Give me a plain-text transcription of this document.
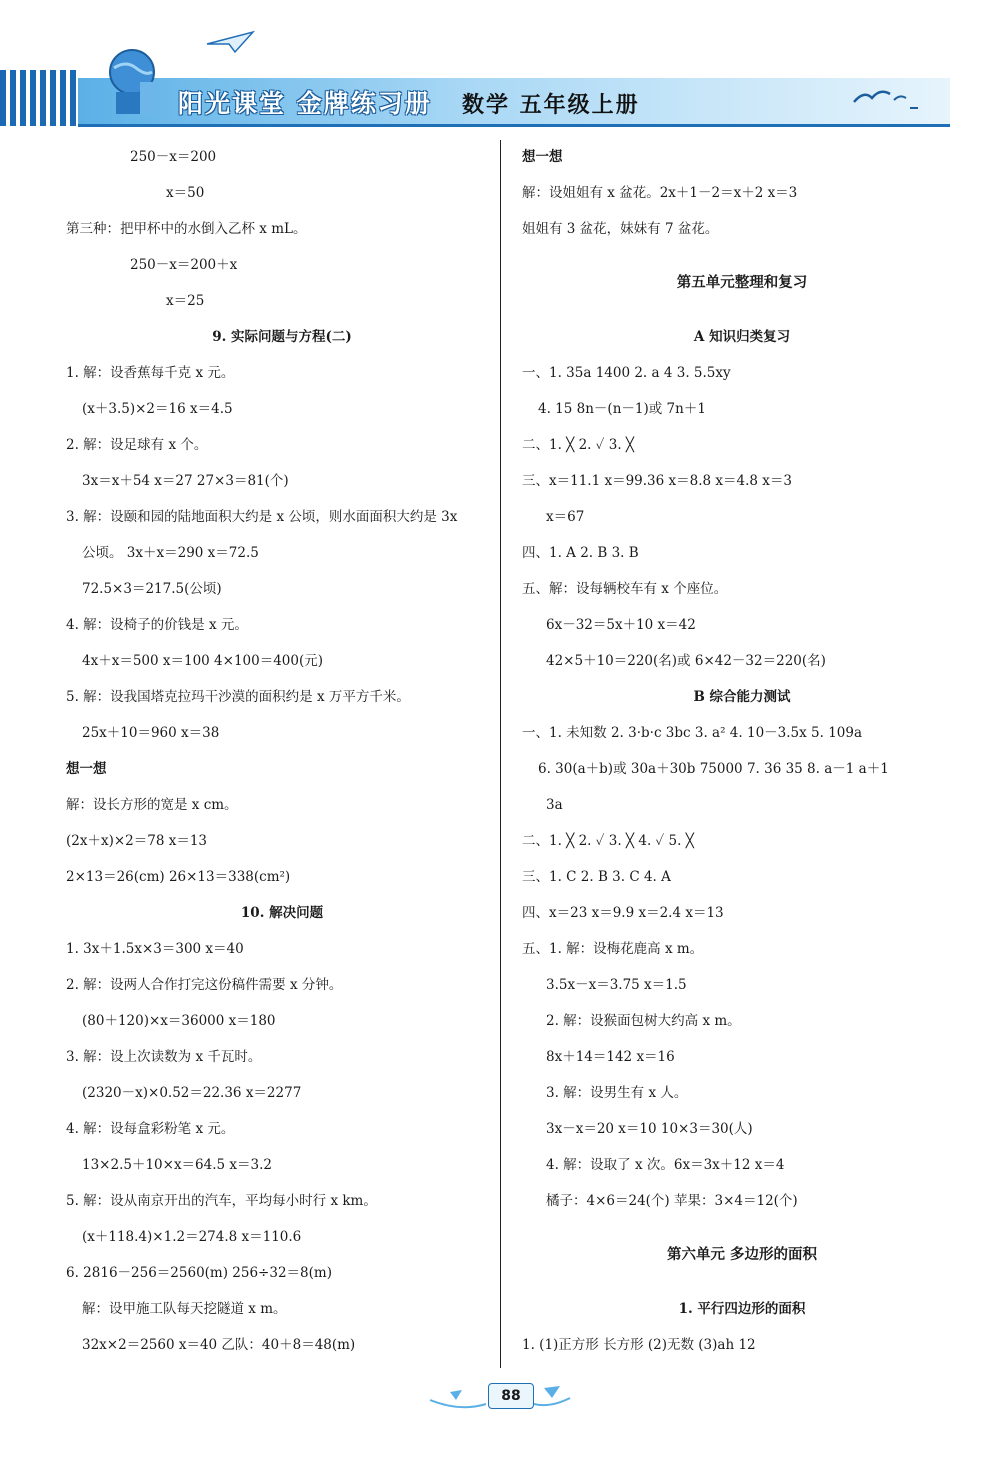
阳光课堂 金牌练习册 数学 五年级上册
250－x＝200
x＝50
第三种：把甲杯中的水倒入乙杯 x mL。
250－x＝200＋x
x＝25
9. 实际问题与方程(二)
1. 解：设香蕉每千克 x 元。
(x＋3.5)×2＝16 x＝4.5
2. 解：设足球有 x 个。
3x＝x＋54 x＝27 27×3＝81(个)
3. 解：设颐和园的陆地面积大约是 x 公顷，则水面面积大约是 3x
公顷。 3x＋x＝290 x＝72.5
72.5×3＝217.5(公顷)
4. 解：设椅子的价钱是 x 元。
4x＋x＝500 x＝100 4×100＝400(元)
5. 解：设我国塔克拉玛干沙漠的面积约是 x 万平方千米。
25x＋10＝960 x＝38
想一想
解：设长方形的宽是 x cm。
(2x＋x)×2＝78 x＝13
2×13＝26(cm) 26×13＝338(cm²)
10. 解决问题
1. 3x＋1.5x×3＝300 x＝40
2. 解：设两人合作打完这份稿件需要 x 分钟。
(80＋120)×x＝36000 x＝180
3. 解：设上次读数为 x 千瓦时。
(2320－x)×0.52＝22.36 x＝2277
4. 解：设每盒彩粉笔 x 元。
13×2.5＋10×x＝64.5 x＝3.2
5. 解：设从南京开出的汽车，平均每小时行 x km。
(x＋118.4)×1.2＝274.8 x＝110.6
6. 2816－256＝2560(m) 256÷32＝8(m)
解：设甲施工队每天挖隧道 x m。
32x×2＝2560 x＝40 乙队：40＋8＝48(m)
想一想
解：设姐姐有 x 盆花。2x＋1－2＝x＋2 x＝3
姐姐有 3 盆花，妹妹有 7 盆花。
第五单元整理和复习
A 知识归类复习
一、1. 35a 1400 2. a 4 3. 5.5xy
4. 15 8n－(n－1)或 7n＋1
二、1. ╳ 2. ✓ 3. ╳
三、x＝11.1 x＝99.36 x＝8.8 x＝4.8 x＝3
x＝67
四、1. A 2. B 3. B
五、解：设每辆校车有 x 个座位。
6x－32＝5x＋10 x＝42
42×5＋10＝220(名)或 6×42－32＝220(名)
B 综合能力测试
一、1. 未知数 2. 3·b·c 3bc 3. a² 4. 10－3.5x 5. 109a
6. 30(a＋b)或 30a＋30b 75000 7. 36 35 8. a－1 a＋1
3a
二、1. ╳ 2. ✓ 3. ╳ 4. ✓ 5. ╳
三、1. C 2. B 3. C 4. A
四、x＝23 x＝9.9 x＝2.4 x＝13
五、1. 解：设梅花鹿高 x m。
3.5x－x＝3.75 x＝1.5
2. 解：设猴面包树大约高 x m。
8x＋14＝142 x＝16
3. 解：设男生有 x 人。
3x－x＝20 x＝10 10×3＝30(人)
4. 解：设取了 x 次。6x＝3x＋12 x＝4
橘子：4×6＝24(个) 苹果：3×4＝12(个)
第六单元 多边形的面积
1. 平行四边形的面积
1. (1)正方形 长方形 (2)无数 (3)ah 12
88
